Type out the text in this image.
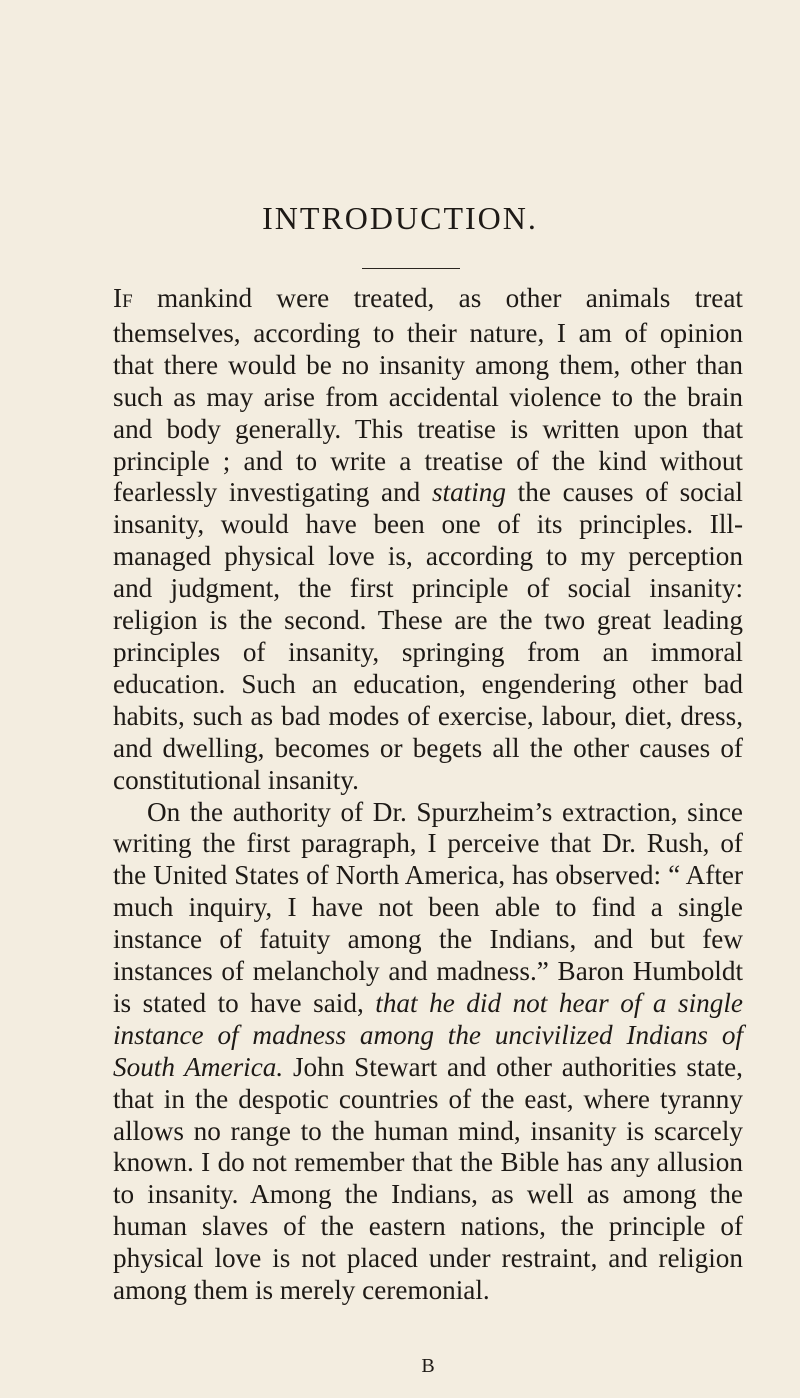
INTRODUCTION.

IF mankind were treated, as other animals treat themselves, according to their nature, I am of opinion that there would be no insanity among them, other than such as may arise from accidental violence to the brain and body generally. This treatise is written upon that principle ; and to write a treatise of the kind without fearlessly investigating and stating the causes of social insanity, would have been one of its principles. Ill-managed physical love is, according to my perception and judgment, the first principle of social insanity: religion is the second. These are the two great leading principles of insanity, springing from an immoral education. Such an education, engendering other bad habits, such as bad modes of exercise, labour, diet, dress, and dwelling, becomes or begets all the other causes of constitutional insanity.

On the authority of Dr. Spurzheim’s extraction, since writing the first paragraph, I perceive that Dr. Rush, of the United States of North America, has observed: “ After much inquiry, I have not been able to find a single instance of fatuity among the Indians, and but few instances of melancholy and madness.” Baron Humboldt is stated to have said, that he did not hear of a single instance of madness among the uncivilized Indians of South America. John Stewart and other authorities state, that in the despotic countries of the east, where tyranny allows no range to the human mind, insanity is scarcely known. I do not remember that the Bible has any allusion to insanity. Among the Indians, as well as among the human slaves of the eastern nations, the principle of physical love is not placed under restraint, and religion among them is merely ceremonial.

B
